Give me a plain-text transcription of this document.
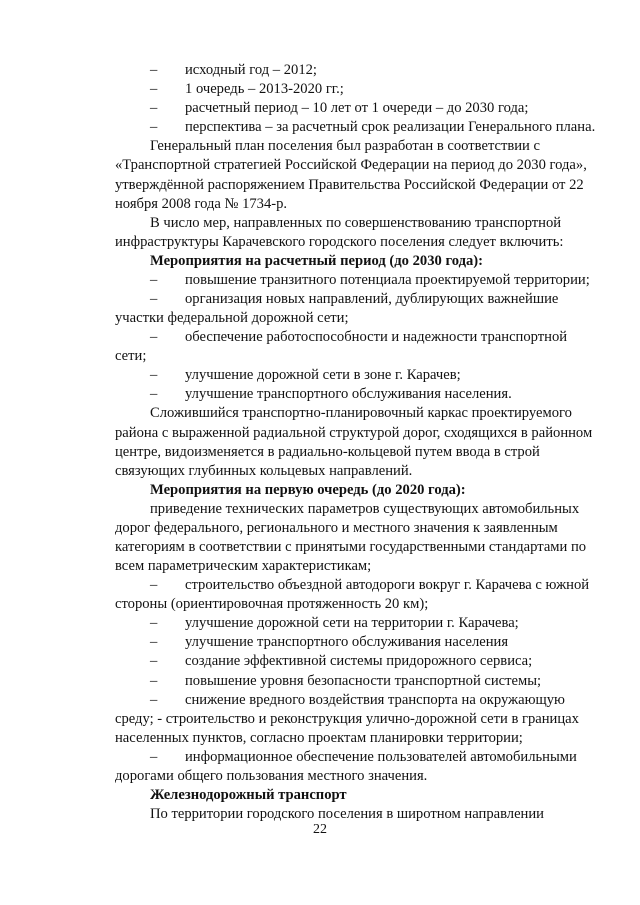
– исходный год – 2012;
– 1 очередь – 2013-2020 гг.;
– расчетный период – 10 лет от 1 очереди – до 2030 года;
– перспектива – за расчетный срок реализации Генерального плана.
Генеральный план поселения был разработан в соответствии с
«Транспортной стратегией Российской Федерации на период до 2030 года»,
утверждённой распоряжением Правительства Российской Федерации от 22
ноября 2008 года № 1734-р.
В число мер, направленных по совершенствованию транспортной
инфраструктуры Карачевского городского поселения следует включить:
Мероприятия на расчетный период (до 2030 года):
– повышение транзитного потенциала проектируемой территории;
– организация новых направлений, дублирующих важнейшие
участки федеральной дорожной сети;
– обеспечение работоспособности и надежности транспортной
сети;
– улучшение дорожной сети в зоне г. Карачев;
– улучшение транспортного обслуживания населения.
Сложившийся транспортно-планировочный каркас проектируемого
района с выраженной радиальной структурой дорог, сходящихся в районном
центре, видоизменяется в радиально-кольцевой путем ввода в строй
связующих глубинных кольцевых направлений.
Мероприятия на первую очередь (до 2020 года):
приведение технических параметров существующих автомобильных
дорог федерального, регионального и местного значения к заявленным
категориям в соответствии с принятыми государственными стандартами по
всем параметрическим характеристикам;
– строительство объездной автодороги вокруг г. Карачева с южной
стороны (ориентировочная протяженность 20 км);
– улучшение дорожной сети на территории г. Карачева;
– улучшение транспортного обслуживания населения
– создание эффективной системы придорожного сервиса;
– повышение уровня безопасности транспортной системы;
– снижение вредного воздействия транспорта на окружающую
среду; - строительство и реконструкция улично-дорожной сети в границах
населенных пунктов, согласно проектам планировки территории;
– информационное обеспечение пользователей автомобильными
дорогами общего пользования местного значения.
Железнодорожный транспорт
По территории городского поселения в широтном направлении
22
